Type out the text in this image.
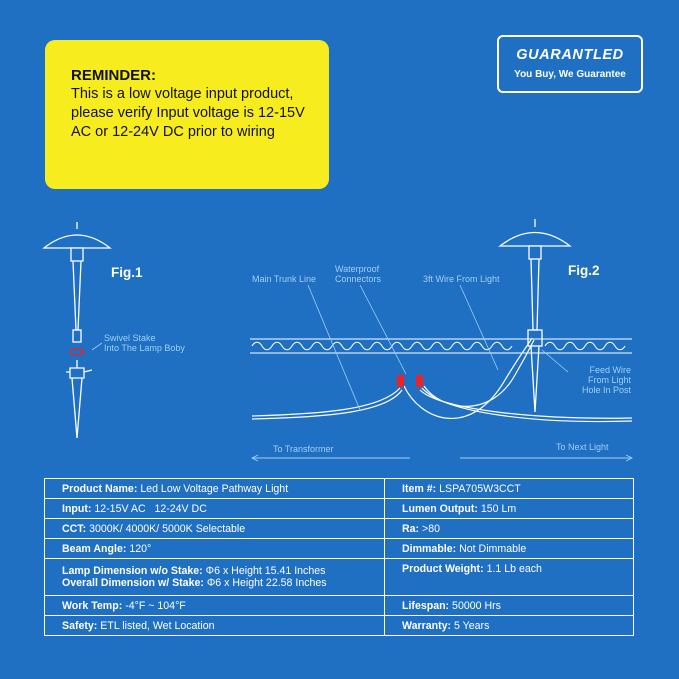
REMINDER:
This is a low voltage input product, please verify Input voltage is 12-15V AC or 12-24V DC prior to wiring
GUARANTLED
You Buy, We Guarantee
Fig.1	Fig.2
Swivel Stake
Into The Lamp Boby
Main Trunk Line
Waterproof
Connectors	3ft Wire From Light
Feed Wire
From Light
Hole In Post
To Transformer	To Next Light
Product Name: Led Low Voltage Pathway Light	Item #: LSPA705W3CCT
Input: 12-15V AC   12-24V DC	Lumen Output: 150 Lm
CCT: 3000K/ 4000K/ 5000K Selectable	Ra: >80
Beam Angle: 120°	Dimmable: Not Dimmable

Lamp Dimension w/o Stake: Φ6 x Height 15.41 Inches
Overall Dimension w/ Stake: Φ6 x Height 22.58 Inches	Product Weight: 1.1 Lb each
Work Temp: -4°F ~ 104°F	Lifespan: 50000 Hrs
Safety: ETL listed, Wet Location	Warranty: 5 Years
